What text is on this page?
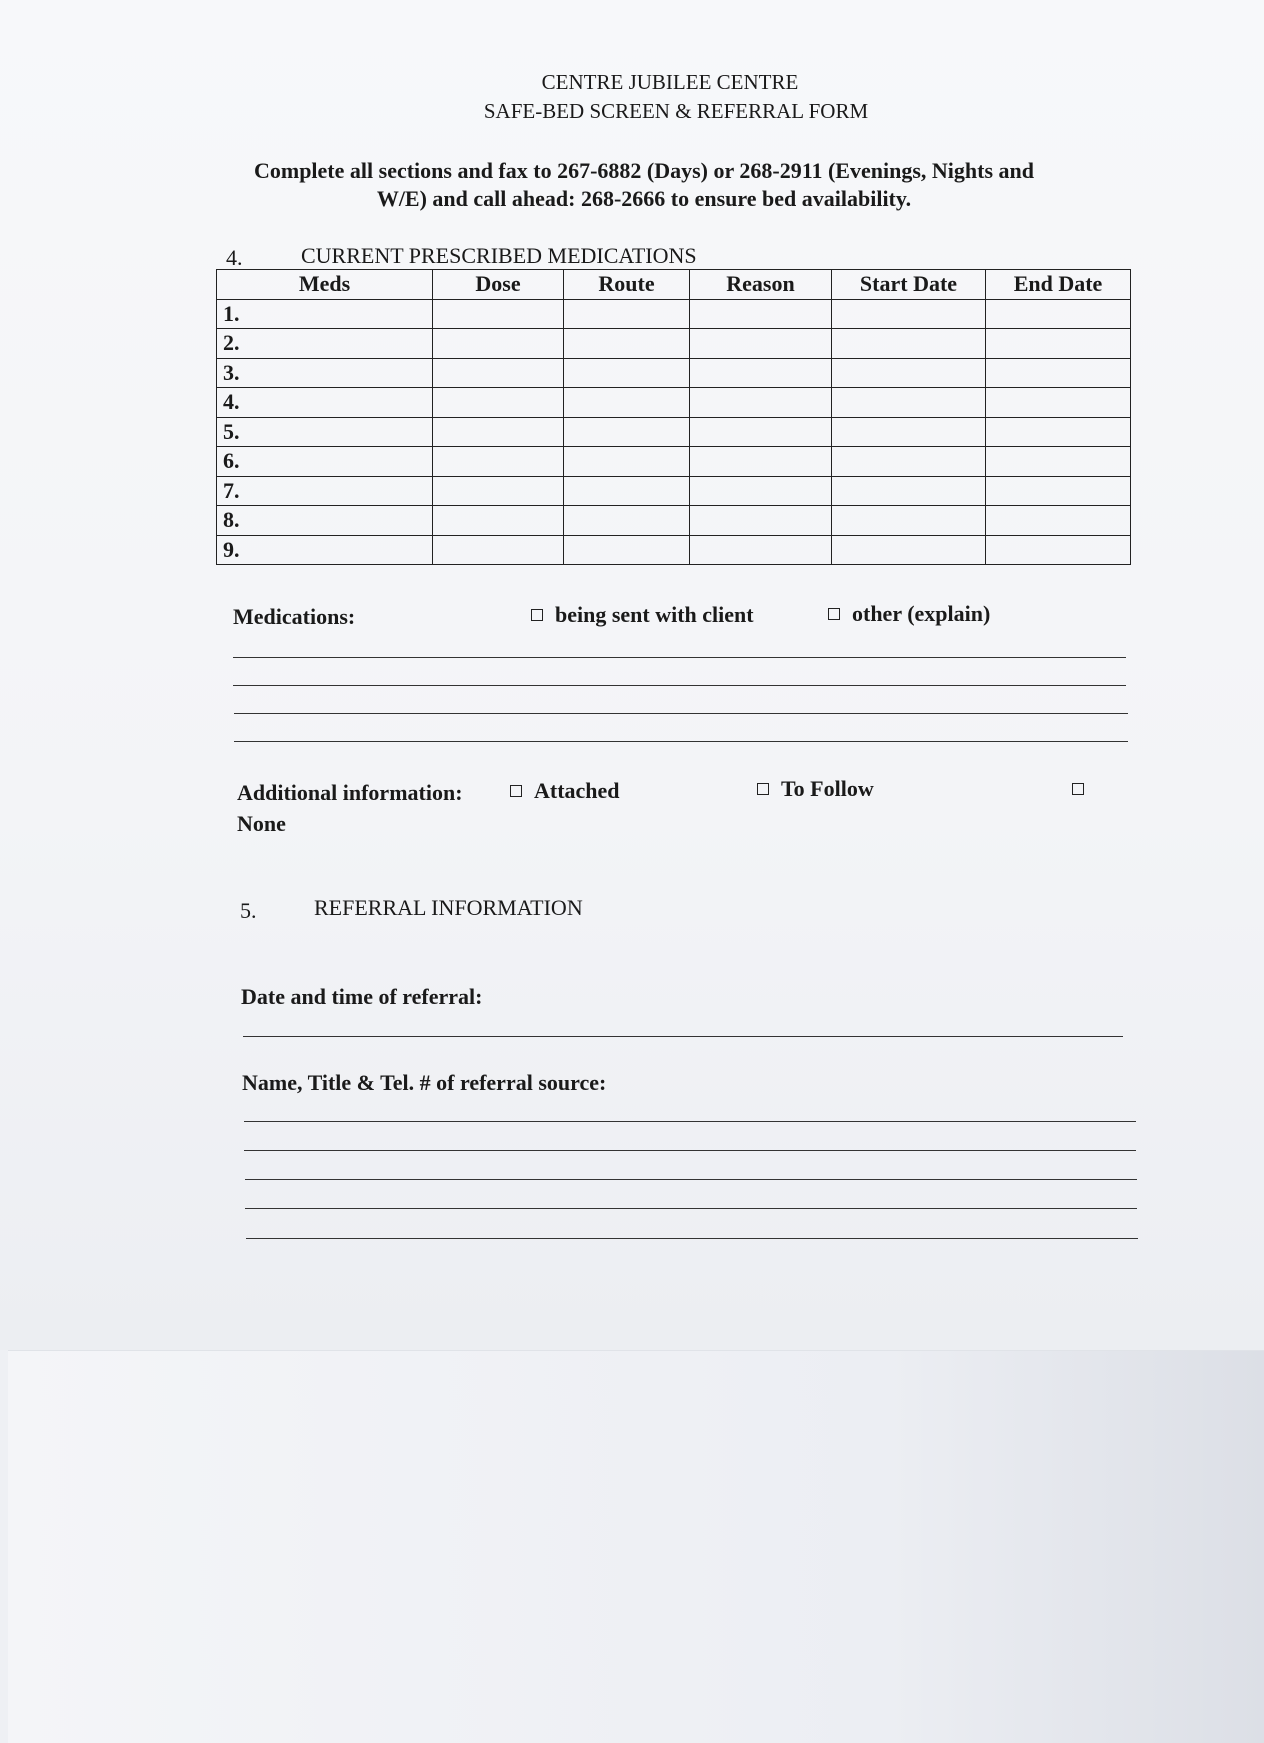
CENTRE JUBILEE CENTRE
SAFE-BED SCREEN & REFERRAL FORM
Complete all sections and fax to 267-6882 (Days) or 268-2911 (Evenings, Nights and
W/E) and call ahead: 268-2666 to ensure bed availability.
4.	CURRENT PRESCRIBED MEDICATIONS
Meds	Dose	Route	Reason	Start Date	End Date
1.					
2.					
3.					
4.					
5.					
6.					
7.					
8.					
9.					
Medications:	being sent with client	other (explain)
Additional information:	Attached	To Follow
None
5.	REFERRAL INFORMATION
Date and time of referral:
Name, Title & Tel. # of referral source:
